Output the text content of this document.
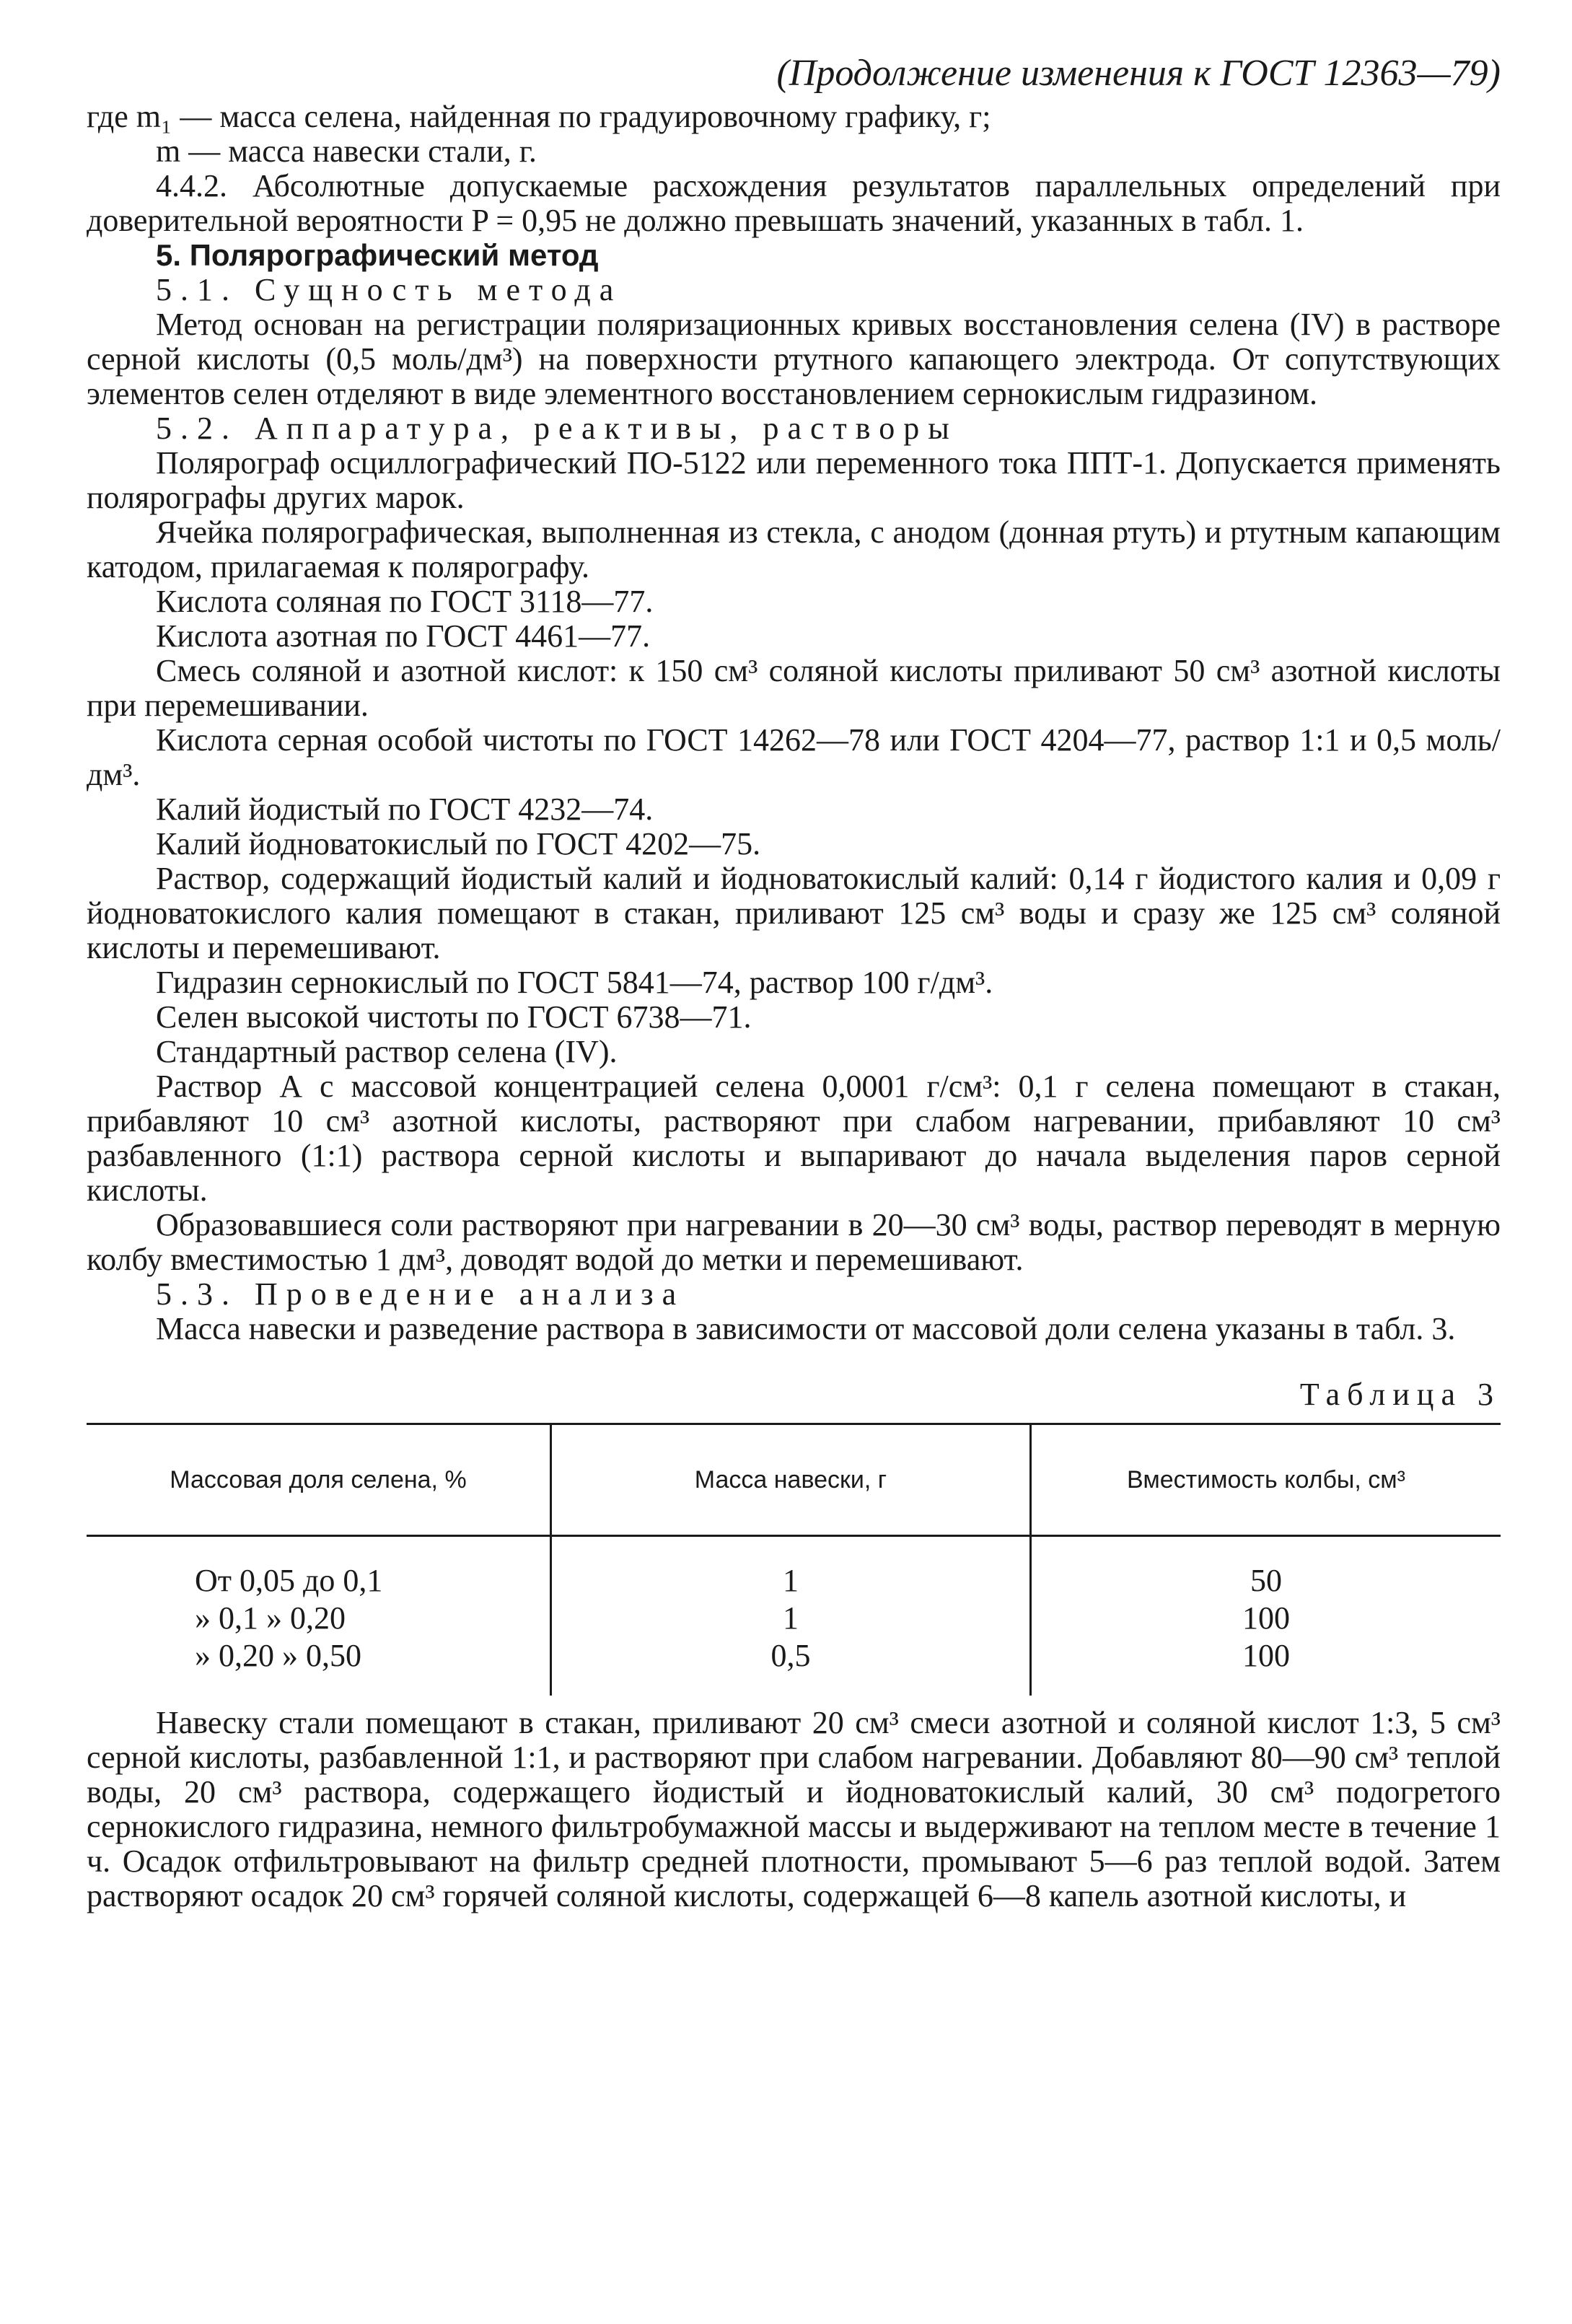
(Продолжение изменения к ГОСТ 12363—79)

где m₁ — масса селена, найденная по градуировочному графику, г;

m — масса навески стали, г.

4.4.2. Абсолютные допускаемые расхождения результатов параллельных определений при доверительной вероятности P = 0,95 не должно превышать значений, указанных в табл. 1.

5. Полярографический метод

5.1. Сущность метода

Метод основан на регистрации поляризационных кривых восстановления селена (IV) в растворе серной кислоты (0,5 моль/дм³) на поверхности ртутного капающего электрода. От сопутствующих элементов селен отделяют в виде элементного восстановлением сернокислым гидразином.

5.2. Аппаратура, реактивы, растворы

Полярограф осциллографический ПО-5122 или переменного тока ППТ-1. Допускается применять полярографы других марок.

Ячейка полярографическая, выполненная из стекла, с анодом (донная ртуть) и ртутным капающим катодом, прилагаемая к полярографу.

Кислота соляная по ГОСТ 3118—77.

Кислота азотная по ГОСТ 4461—77.

Смесь соляной и азотной кислот: к 150 см³ соляной кислоты приливают 50 см³ азотной кислоты при перемешивании.

Кислота серная особой чистоты по ГОСТ 14262—78 или ГОСТ 4204—77, раствор 1:1 и 0,5 моль/дм³.

Калий йодистый по ГОСТ 4232—74.

Калий йодноватокислый по ГОСТ 4202—75.

Раствор, содержащий йодистый калий и йодноватокислый калий: 0,14 г йодистого калия и 0,09 г йодноватокислого калия помещают в стакан, приливают 125 см³ воды и сразу же 125 см³ соляной кислоты и перемешивают.

Гидразин сернокислый по ГОСТ 5841—74, раствор 100 г/дм³.

Селен высокой чистоты по ГОСТ 6738—71.

Стандартный раствор селена (IV).

Раствор А с массовой концентрацией селена 0,0001 г/см³: 0,1 г селена помещают в стакан, прибавляют 10 см³ азотной кислоты, растворяют при слабом нагревании, прибавляют 10 см³ разбавленного (1:1) раствора серной кислоты и выпаривают до начала выделения паров серной кислоты.

Образовавшиеся соли растворяют при нагревании в 20—30 см³ воды, раствор переводят в мерную колбу вместимостью 1 дм³, доводят водой до метки и перемешивают.

5.3. Проведение анализа

Масса навески и разведение раствора в зависимости от массовой доли селена указаны в табл. 3.

Таблица 3
Массовая доля селена, %	Масса навески, г	Вместимость колбы, см³
От 0,05 до 0,1	1	50
» 0,1 » 0,20	1	100
» 0,20 » 0,50	0,5	100

Навеску стали помещают в стакан, приливают 20 см³ смеси азотной и соляной кислот 1:3, 5 см³ серной кислоты, разбавленной 1:1, и растворяют при слабом нагревании. Добавляют 80—90 см³ теплой воды, 20 см³ раствора, содержащего йодистый и йодноватокислый калий, 30 см³ подогретого сернокислого гидразина, немного фильтробумажной массы и выдерживают на теплом месте в течение 1 ч. Осадок отфильтровывают на фильтр средней плотности, промывают 5—6 раз теплой водой. Затем растворяют осадок 20 см³ горячей соляной кислоты, содержащей 6—8 капель азотной кислоты, и
